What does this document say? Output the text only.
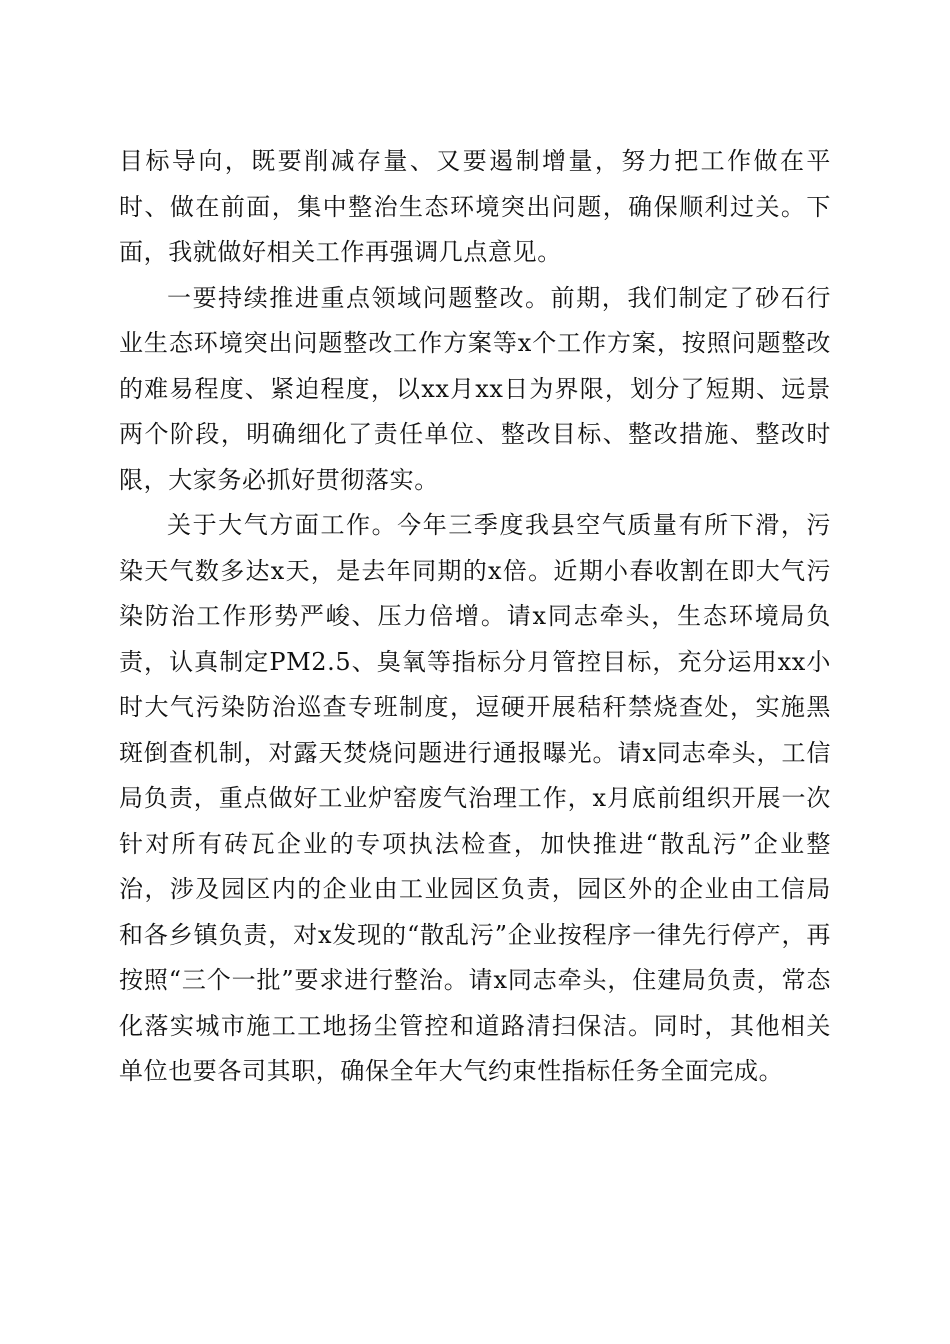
目标导向，既要削减存量、又要遏制增量，努力把工作做在平时、做在前面，集中整治生态环境突出问题，确保顺利过关。下面，我就做好相关工作再强调几点意见。

一要持续推进重点领域问题整改。前期，我们制定了砂石行业生态环境突出问题整改工作方案等x个工作方案，按照问题整改的难易程度、紧迫程度，以xx月xx日为界限，划分了短期、远景两个阶段，明确细化了责任单位、整改目标、整改措施、整改时限，大家务必抓好贯彻落实。

关于大气方面工作。今年三季度我县空气质量有所下滑，污染天气数多达x天，是去年同期的x倍。近期小春收割在即大气污染防治工作形势严峻、压力倍增。请x同志牵头，生态环境局负责，认真制定PM2.5、臭氧等指标分月管控目标，充分运用xx小时大气污染防治巡查专班制度，逗硬开展秸秆禁烧查处，实施黑斑倒查机制，对露天焚烧问题进行通报曝光。请x同志牵头，工信局负责，重点做好工业炉窑废气治理工作，x月底前组织开展一次针对所有砖瓦企业的专项执法检查，加快推进“散乱污”企业整治，涉及园区内的企业由工业园区负责，园区外的企业由工信局和各乡镇负责，对x发现的“散乱污”企业按程序一律先行停产，再按照“三个一批”要求进行整治。请x同志牵头，住建局负责，常态化落实城市施工工地扬尘管控和道路清扫保洁。同时，其他相关单位也要各司其职，确保全年大气约束性指标任务全面完成。
